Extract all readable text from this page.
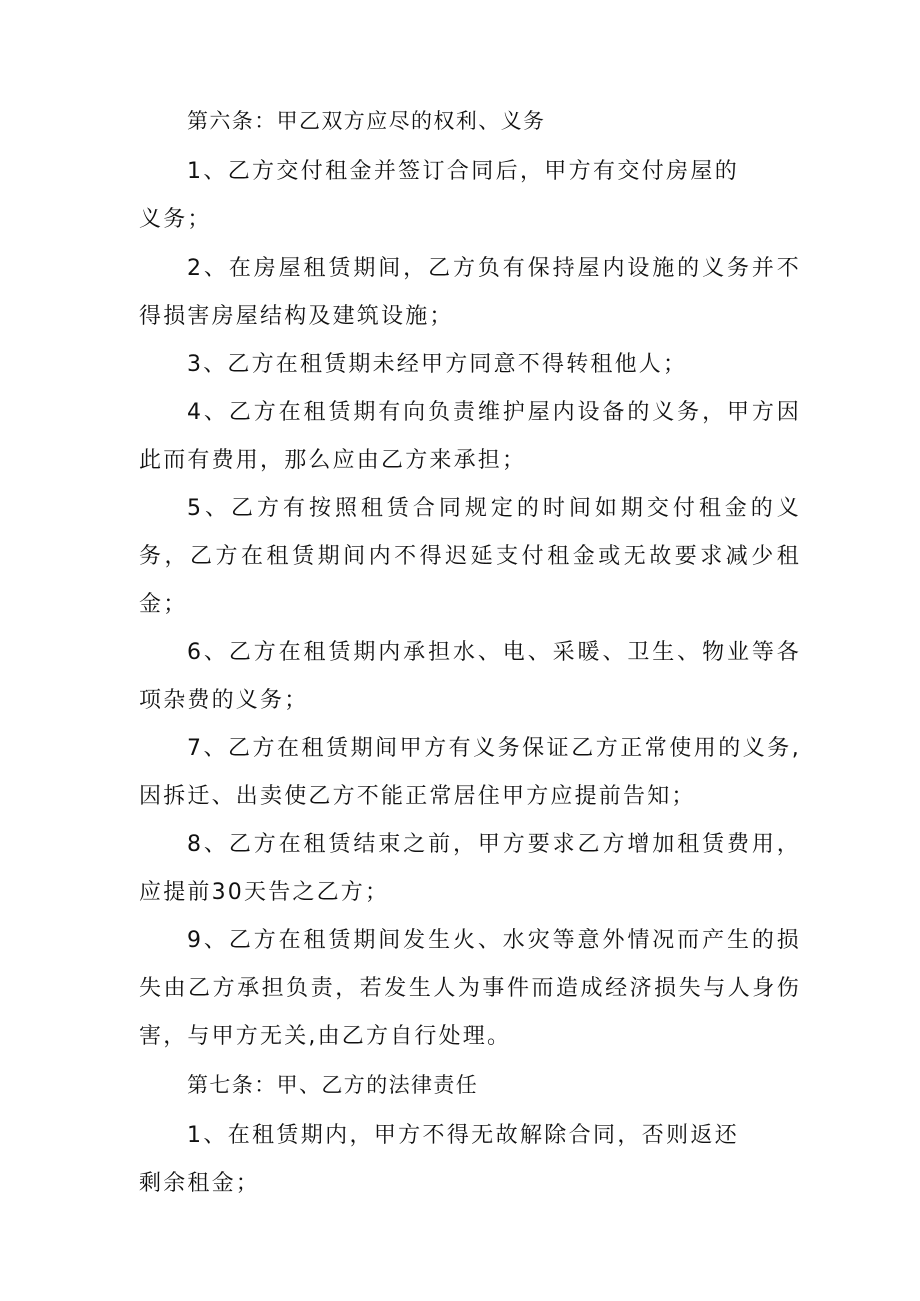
第六条：甲乙双方应尽的权利、义务

1、乙方交付租金并签订合同后，甲方有交付房屋的义务；

2、在房屋租赁期间，乙方负有保持屋内设施的义务并不得损害房屋结构及建筑设施；

3、乙方在租赁期未经甲方同意不得转租他人；

4、乙方在租赁期有向负责维护屋内设备的义务，甲方因此而有费用，那么应由乙方来承担；

5、乙方有按照租赁合同规定的时间如期交付租金的义务，乙方在租赁期间内不得迟延支付租金或无故要求减少租金；

6、乙方在租赁期内承担水、电、采暖、卫生、物业等各项杂费的义务；

7、乙方在租赁期间甲方有义务保证乙方正常使用的义务,因拆迁、出卖使乙方不能正常居住甲方应提前告知；

8、乙方在租赁结束之前，甲方要求乙方增加租赁费用，应提前30天告之乙方；

9、乙方在租赁期间发生火、水灾等意外情况而产生的损失由乙方承担负责，若发生人为事件而造成经济损失与人身伤害，与甲方无关,由乙方自行处理。

第七条：甲、乙方的法律责任

1、在租赁期内，甲方不得无故解除合同，否则返还剩余租金；
